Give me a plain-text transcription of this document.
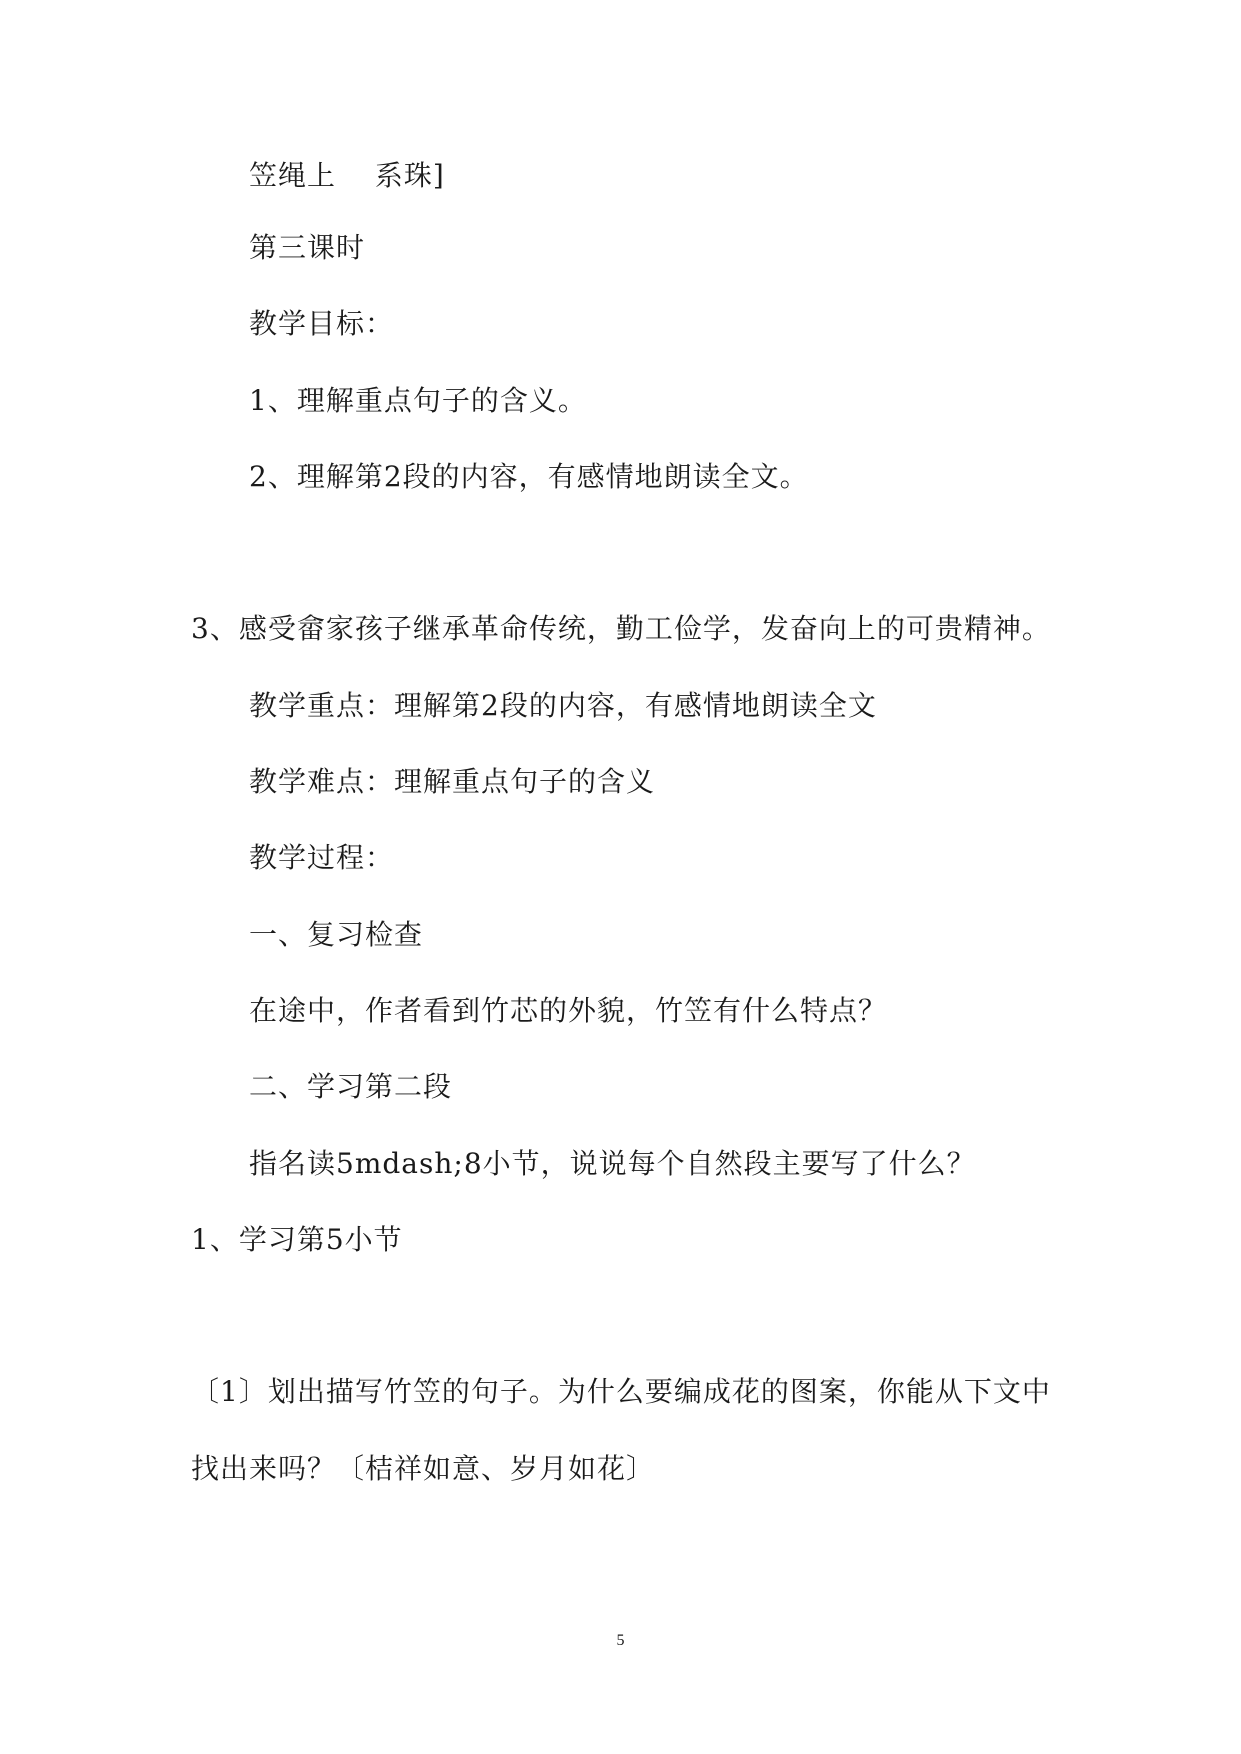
笠绳上　 系珠]
第三课时
教学目标：
1、理解重点句子的含义。
2、理解第2段的内容，有感情地朗读全文。
3、感受畲家孩子继承革命传统，勤工俭学，发奋向上的可贵精神。
教学重点：理解第2段的内容，有感情地朗读全文
教学难点：理解重点句子的含义
教学过程：
一、复习检查
在途中，作者看到竹芯的外貌，竹笠有什么特点？
二、学习第二段
指名读5mdash;8小节，说说每个自然段主要写了什么？
1、学习第5小节
〔1〕划出描写竹笠的句子。为什么要编成花的图案，你能从下文中
找出来吗？〔桔祥如意、岁月如花〕
5
